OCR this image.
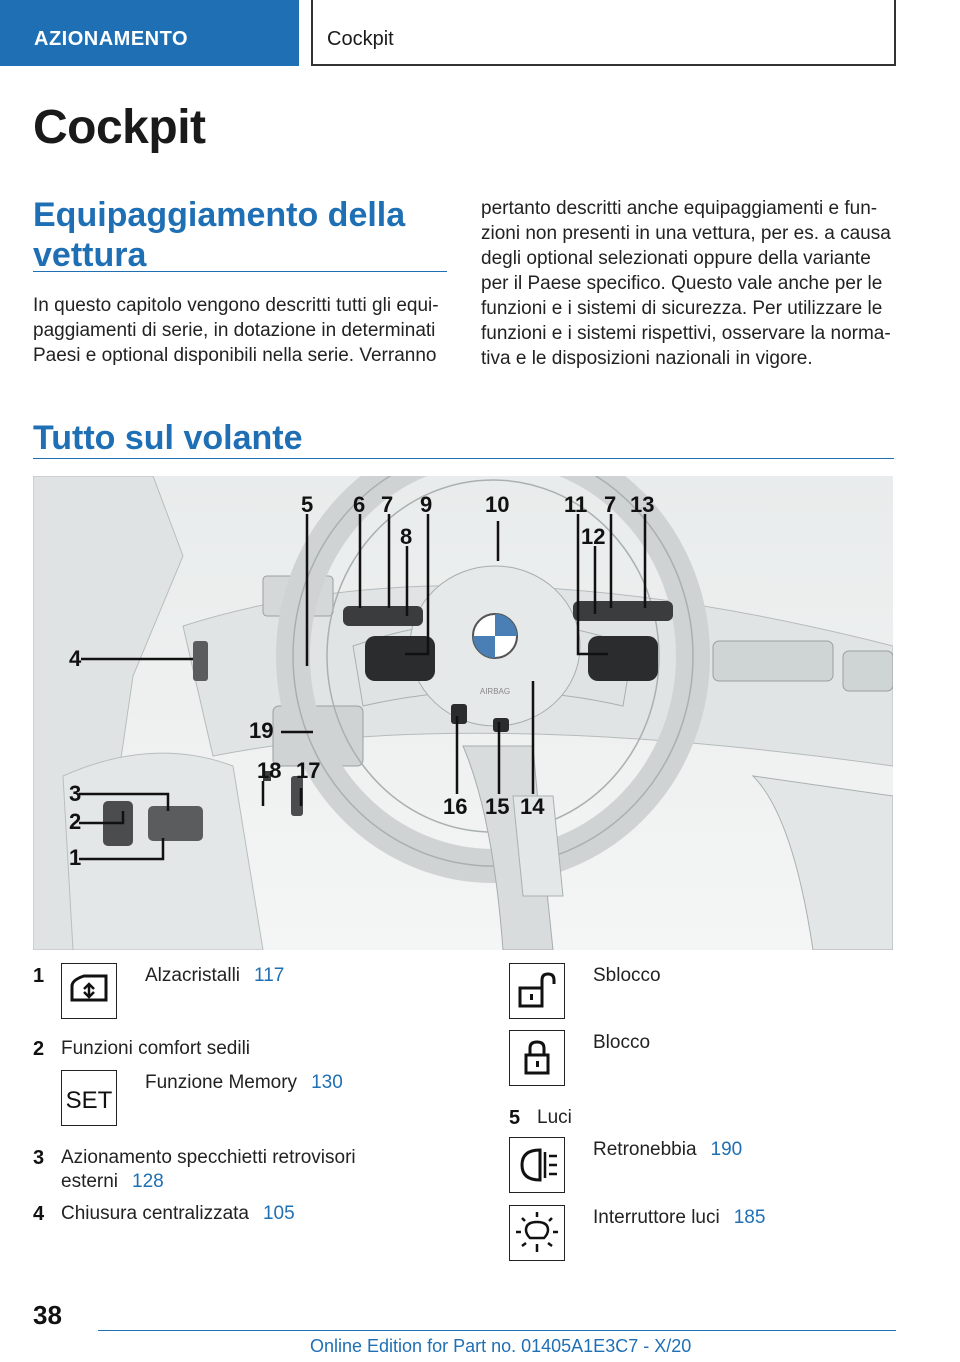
AZIONAMENTO	Cockpit
Cockpit
Equipaggiamento della vettura
In questo capitolo vengono descritti tutti gli equi-paggiamenti di serie, in dotazione in determinati Paesi e optional disponibili nella serie. Verranno
pertanto descritti anche equipaggiamenti e fun-zioni non presenti in una vettura, per es. a causa degli optional selezionati oppure della variante per il Paese specifico. Questo vale anche per le funzioni e i sistemi di sicurezza. Per utilizzare le funzioni e i sistemi rispettivi, osservare la norma-tiva e le disposizioni nazionali in vigore.
Tutto sul volante
AIRBAG
1
2
3
4
5 6 7
8
9 10 11
12
7 13
14
15
16
17
18
19
1	Alzacristalli 117
2 Funzioni comfort sedili
SET
Funzione Memory 130
3 Azionamento specchietti retrovisori
esterni 128
4 Chiusura centralizzata 105
Sblocco
Blocco
5 Luci
Retronebbia 190
Interruttore luci 185
38
Online Edition for Part no. 01405A1E3C7 - X/20
